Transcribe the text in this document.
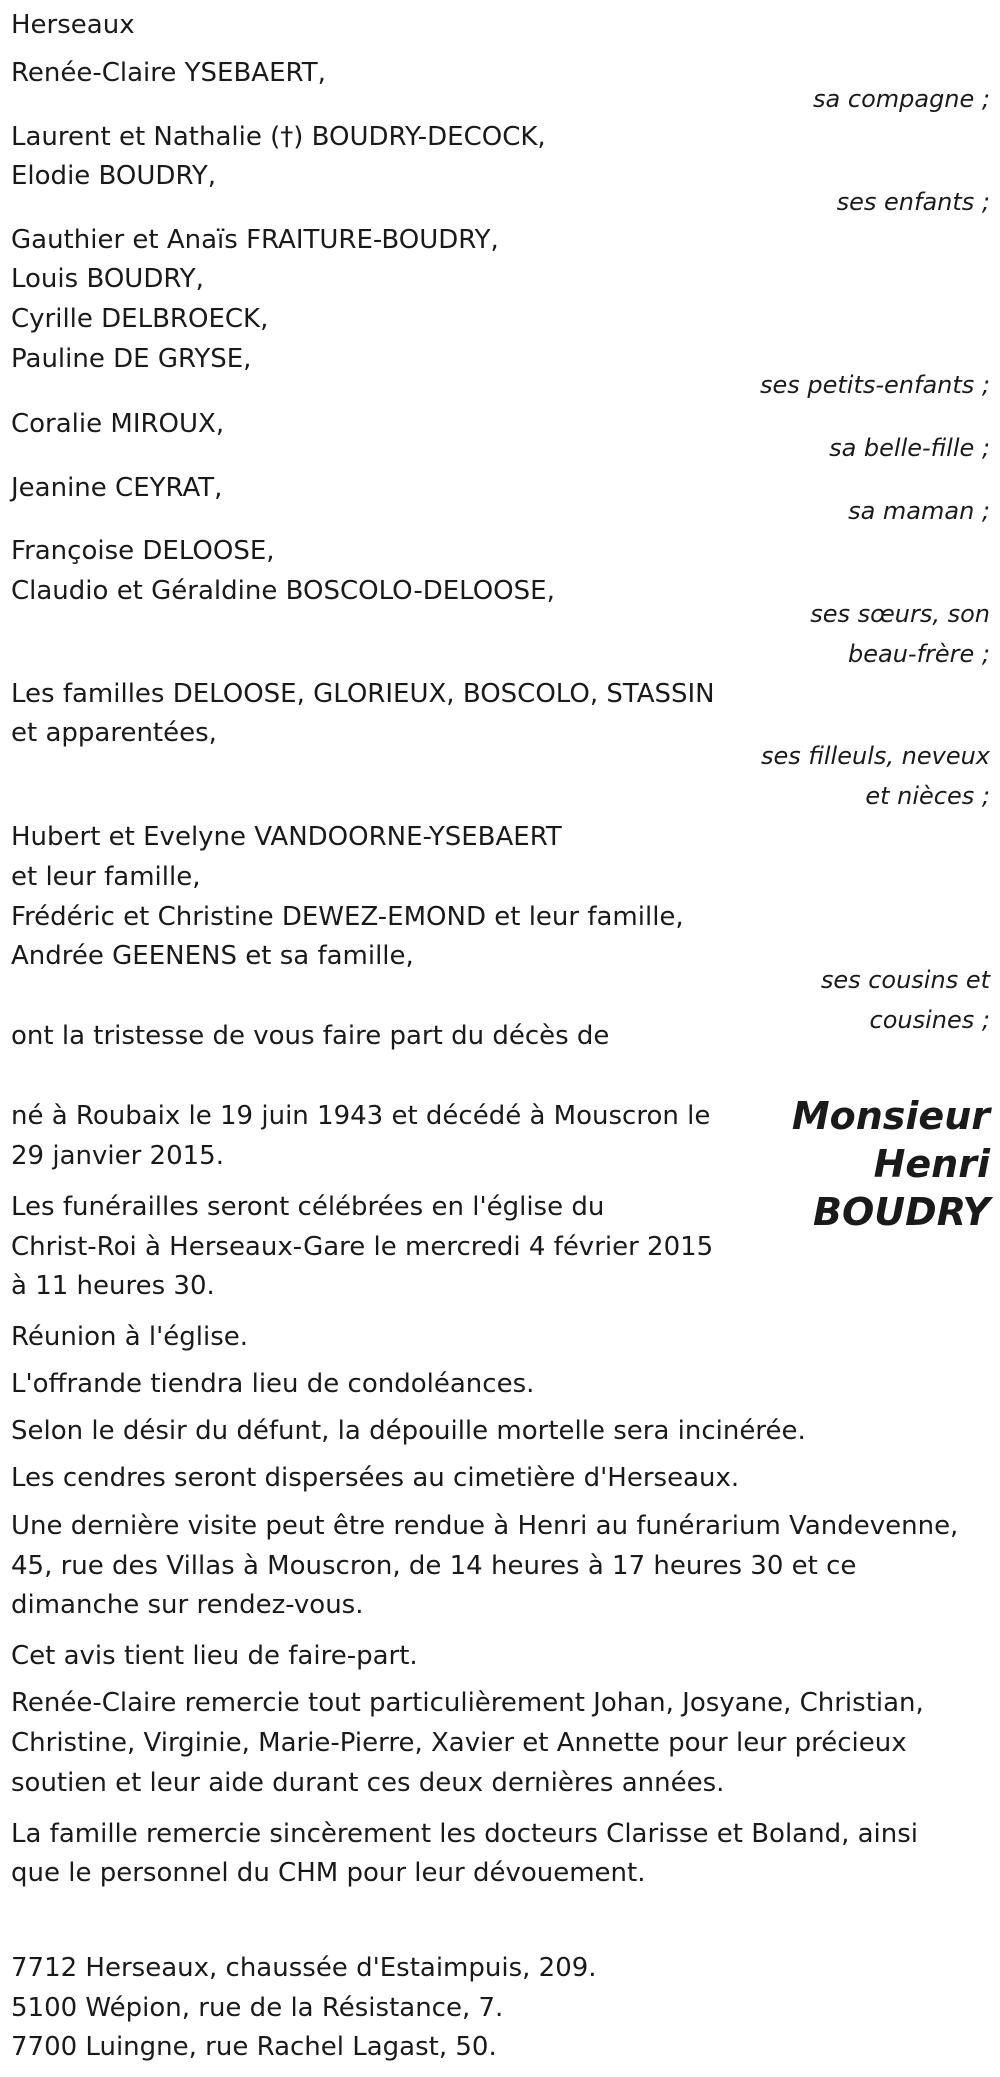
Herseaux
Renée-Claire YSEBAERT,
Laurent et Nathalie (†) BOUDRY-DECOCK,
Elodie BOUDRY,
Gauthier et Anaïs FRAITURE-BOUDRY,
Louis BOUDRY,
Cyrille DELBROECK,
Pauline DE GRYSE,
Coralie MIROUX,
Jeanine CEYRAT,
Françoise DELOOSE,
Claudio et Géraldine BOSCOLO-DELOOSE,
Les familles DELOOSE, GLORIEUX, BOSCOLO, STASSIN
et apparentées,
Hubert et Evelyne VANDOORNE-YSEBAERT
et leur famille,
Frédéric et Christine DEWEZ-EMOND et leur famille,
Andrée GEENENS et sa famille,
sa compagne ;
ses enfants ;
ses petits-enfants ;
sa belle-fille ;
sa maman ;
ses sœurs, son
beau-frère ;
ses filleuls, neveux
et nièces ;
ses cousins et
cousines ;
ont la tristesse de vous faire part du décès de
Monsieur
Henri
BOUDRY
né à Roubaix le 19 juin 1943 et décédé à Mouscron le
29 janvier 2015.
Les funérailles seront célébrées en l'église du
Christ-Roi à Herseaux-Gare le mercredi 4 février 2015
à 11 heures 30.
Réunion à l'église.
L'offrande tiendra lieu de condoléances.
Selon le désir du défunt, la dépouille mortelle sera incinérée.
Les cendres seront dispersées au cimetière d'Herseaux.
Une dernière visite peut être rendue à Henri au funérarium Vandevenne,
45, rue des Villas à Mouscron, de 14 heures à 17 heures 30 et ce
dimanche sur rendez-vous.
Cet avis tient lieu de faire-part.
Renée-Claire remercie tout particulièrement Johan, Josyane, Christian,
Christine, Virginie, Marie-Pierre, Xavier et Annette pour leur précieux
soutien et leur aide durant ces deux dernières années.
La famille remercie sincèrement les docteurs Clarisse et Boland, ainsi
que le personnel du CHM pour leur dévouement.
7712 Herseaux, chaussée d'Estaimpuis, 209.
5100 Wépion, rue de la Résistance, 7.
7700 Luingne, rue Rachel Lagast, 50.
